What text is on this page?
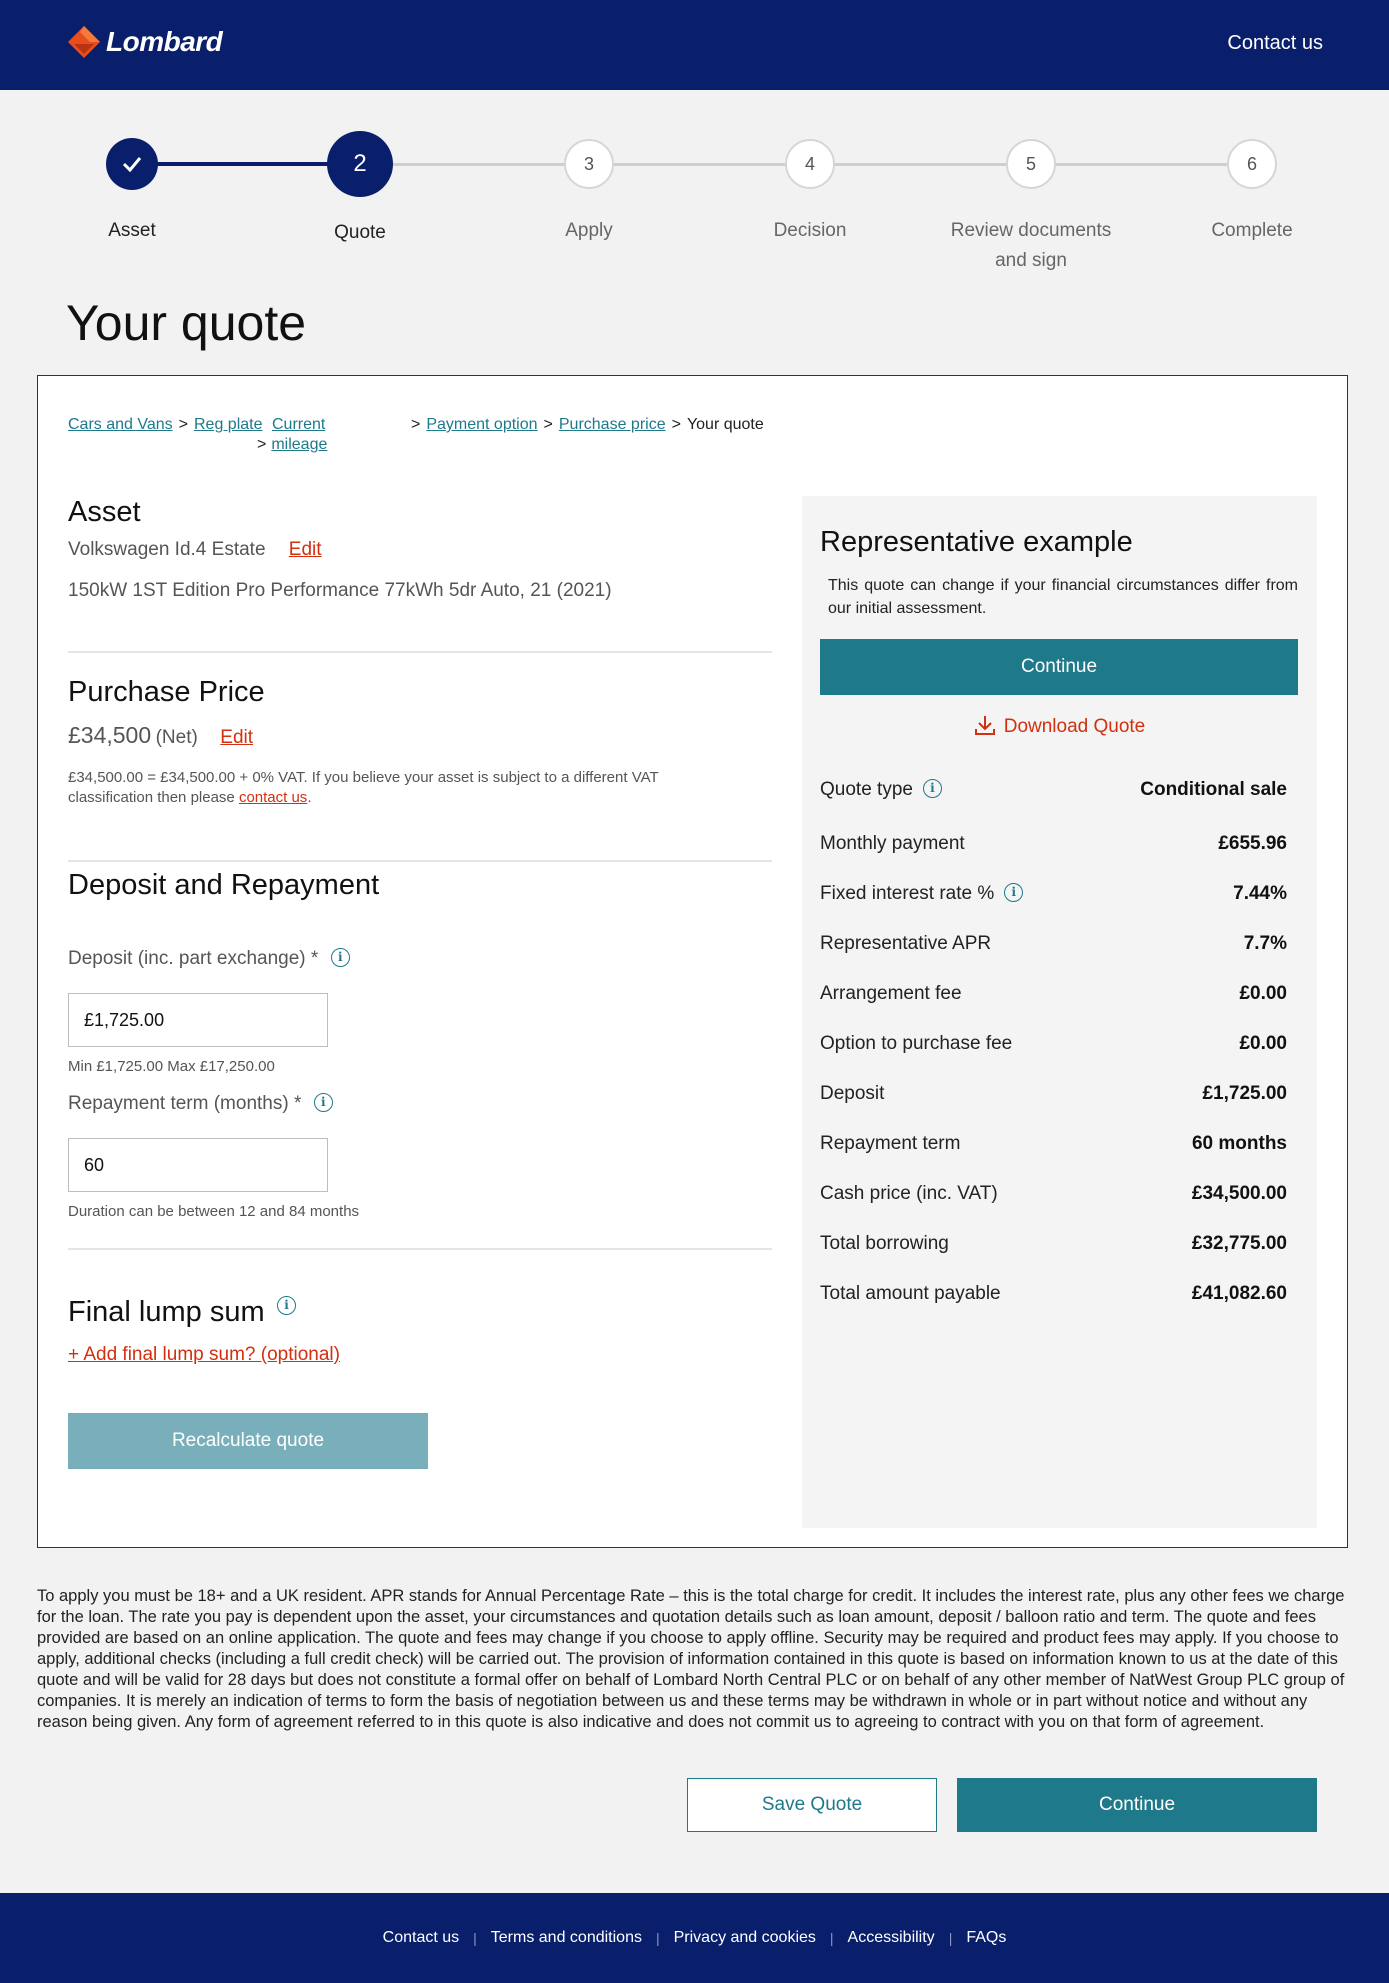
Lombard	Contact us
Asset
2
Quote
3
Apply
4
Decision
5
Review documents
and sign
6
Complete
Your quote
Cars and Vans > Reg plate Current
> mileage
> Payment option > Purchase price > Your quote
Asset
Volkswagen Id.4 Estate Edit
150kW 1ST Edition Pro Performance 77kWh 5dr Auto, 21 (2021)
Purchase Price
£34,500 (Net) Edit
£34,500.00 = £34,500.00 + 0% VAT. If you believe your asset is subject to a different VAT classification then please contact us.
Deposit and Repayment
Deposit (inc. part exchange) * i
£1,725.00
Min £1,725.00 Max £17,250.00
Repayment term (months) * i
60
Duration can be between 12 and 84 months
Final lump sum i
+ Add final lump sum? (optional)
Recalculate quote
Representative example
This quote can change if your financial circumstances differ from our initial assessment.
Continue
Download Quote
Quote type i	Conditional sale
Monthly payment	£655.96
Fixed interest rate % i	7.44%
Representative APR	7.7%
Arrangement fee	£0.00
Option to purchase fee	£0.00
Deposit	£1,725.00
Repayment term	60 months
Cash price (inc. VAT)	£34,500.00
Total borrowing	£32,775.00
Total amount payable	£41,082.60

To apply you must be 18+ and a UK resident. APR stands for Annual Percentage Rate – this is the total charge for credit. It includes the interest rate, plus any other fees we charge for the loan. The rate you pay is dependent upon the asset, your circumstances and quotation details such as loan amount, deposit / balloon ratio and term. The quote and fees provided are based on an online application. The quote and fees may change if you choose to apply offline. Security may be required and product fees may apply. If you choose to apply, additional checks (including a full credit check) will be carried out. The provision of information contained in this quote is based on information known to us at the date of this quote and will be valid for 28 days but does not constitute a formal offer on behalf of Lombard North Central PLC or on behalf of any other member of NatWest Group PLC group of companies. It is merely an indication of terms to form the basis of negotiation between us and these terms may be withdrawn in whole or in part without notice and without any reason being given. Any form of agreement referred to in this quote is also indicative and does not commit us to agreeing to contract with you on that form of agreement.

Save Quote	Continue
Contact us | Terms and conditions | Privacy and cookies | Accessibility | FAQs
